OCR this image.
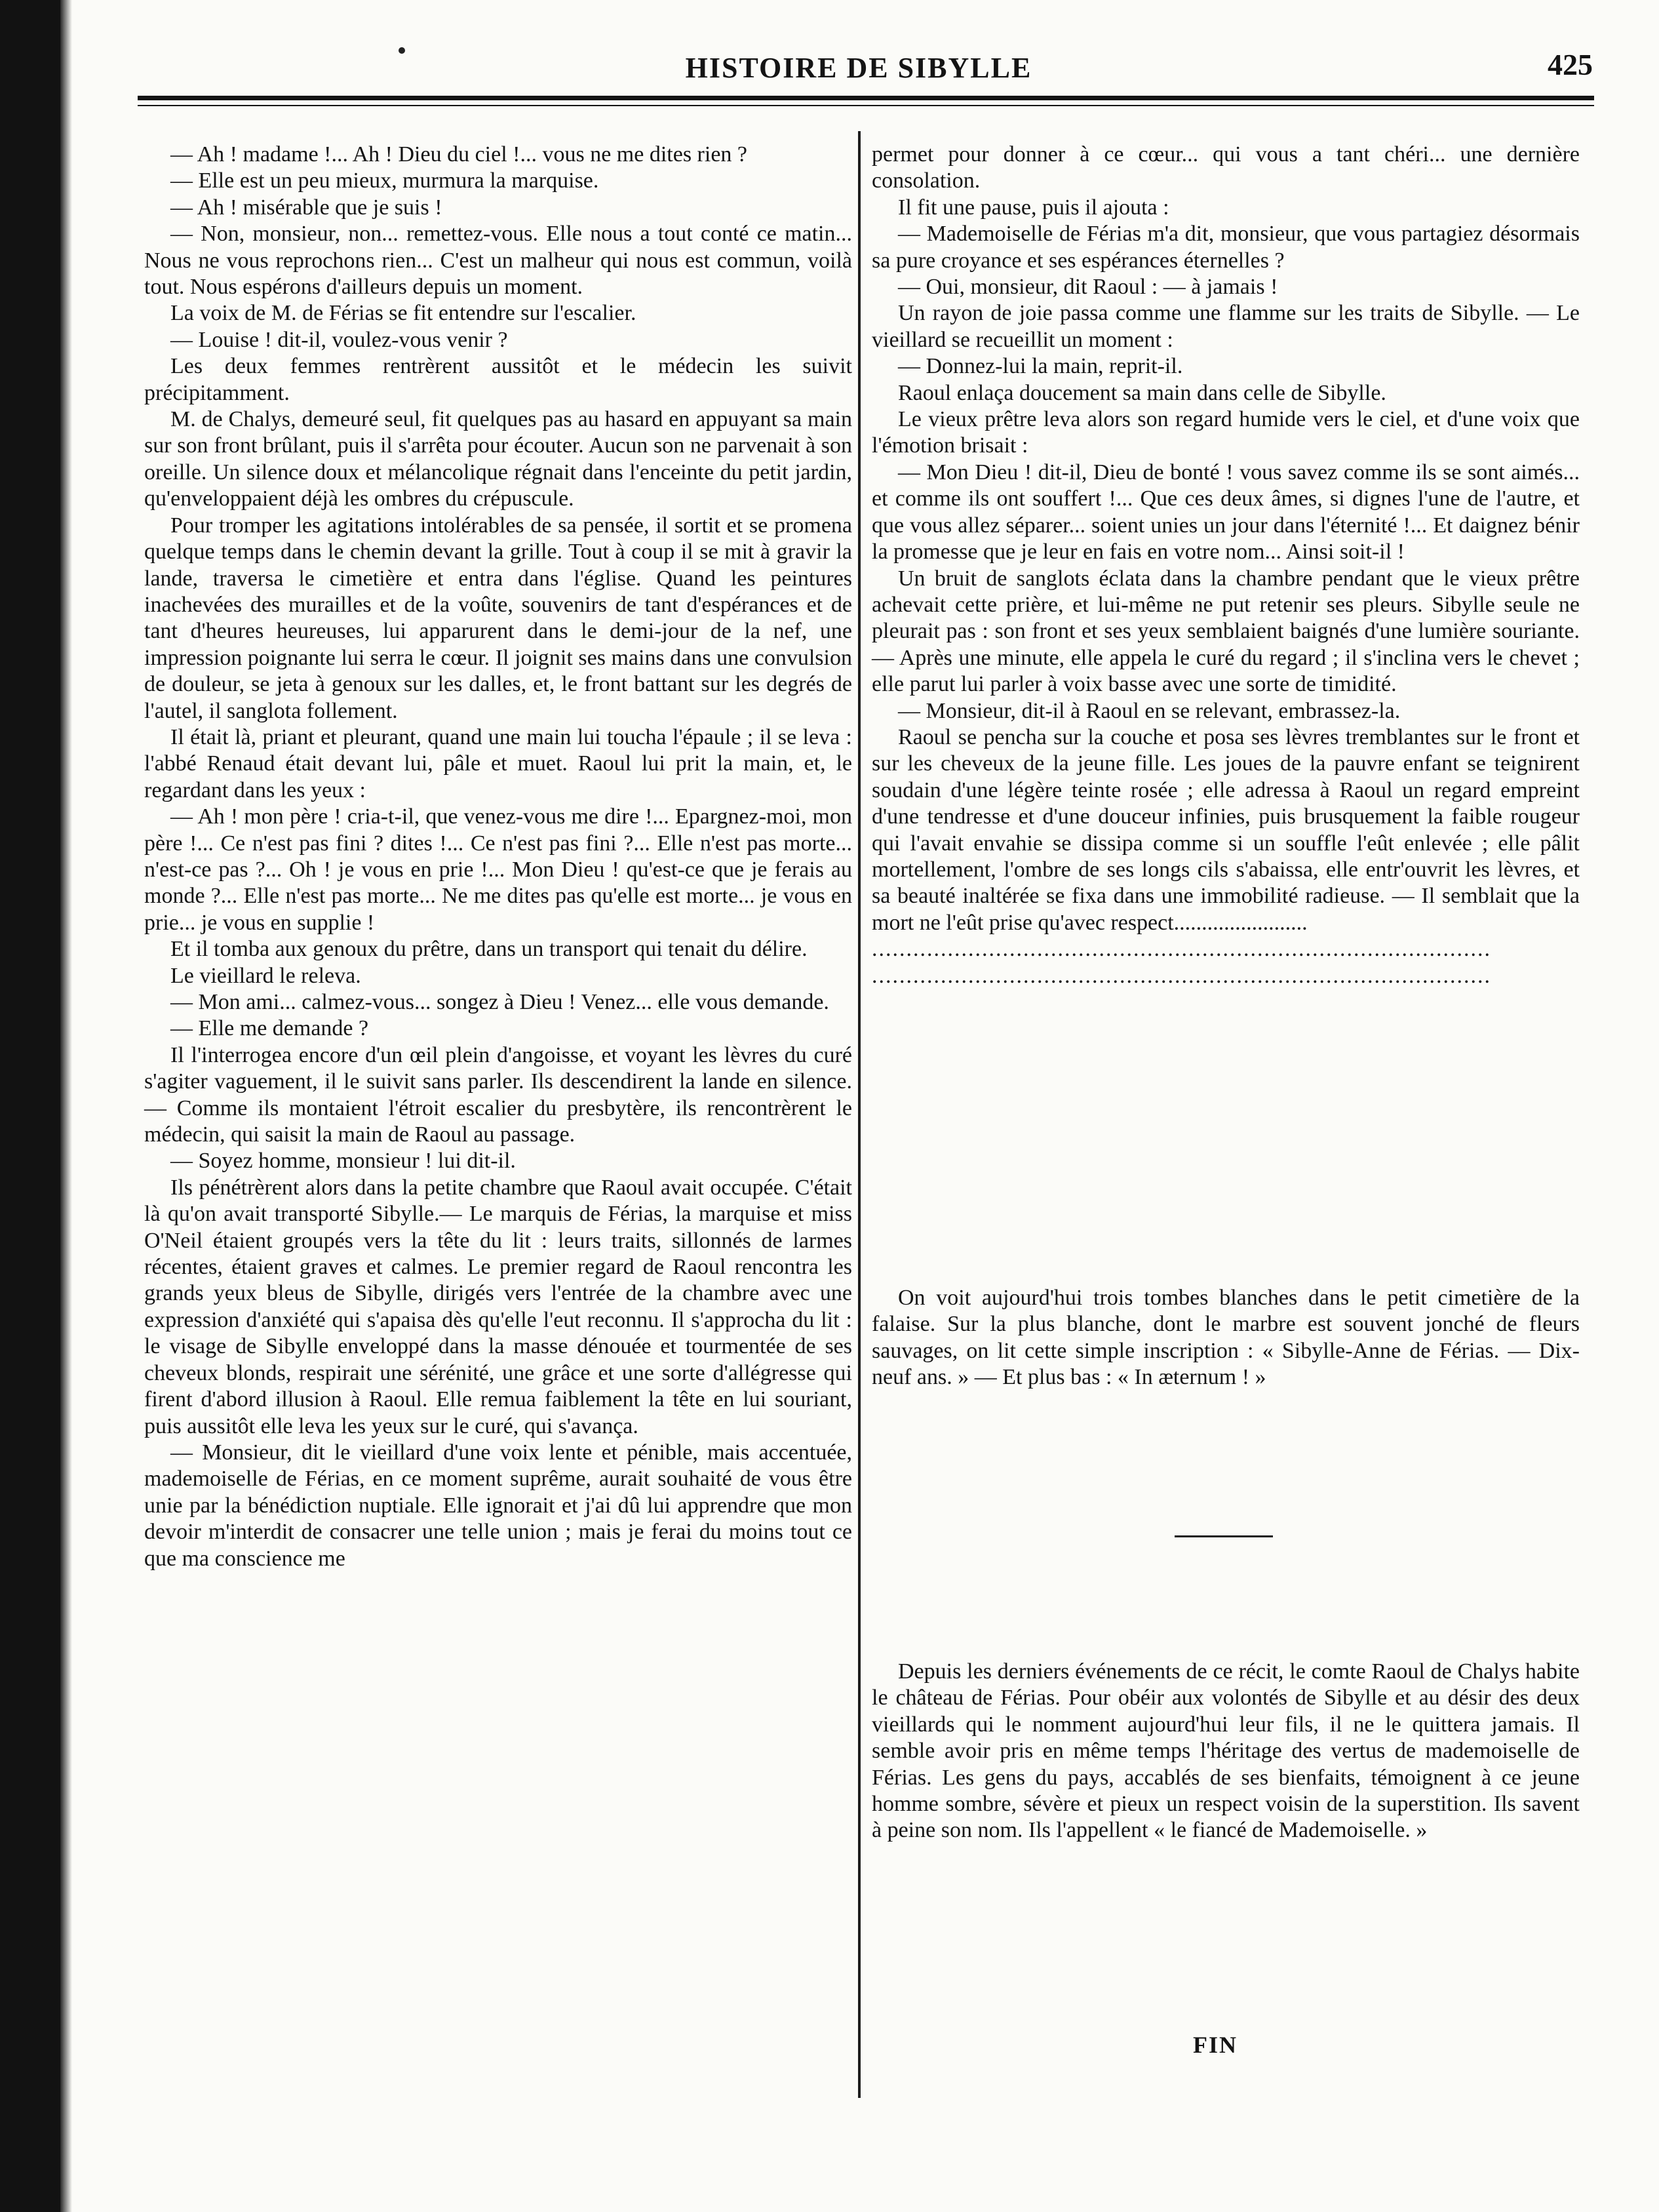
HISTOIRE DE SIBYLLE	425

— Ah ! madame !... Ah ! Dieu du ciel !... vous ne me dites rien ?

— Elle est un peu mieux, murmura la marquise.

— Ah ! misérable que je suis !

— Non, monsieur, non... remettez-vous. Elle nous a tout conté ce matin... Nous ne vous reprochons rien... C'est un malheur qui nous est commun, voilà tout. Nous espérons d'ailleurs depuis un moment.

La voix de M. de Férias se fit entendre sur l'escalier.

— Louise ! dit-il, voulez-vous venir ?

Les deux femmes rentrèrent aussitôt et le médecin les suivit précipitamment.

M. de Chalys, demeuré seul, fit quelques pas au hasard en appuyant sa main sur son front brûlant, puis il s'arrêta pour écouter. Aucun son ne parvenait à son oreille. Un silence doux et mélancolique régnait dans l'enceinte du petit jardin, qu'enveloppaient déjà les ombres du crépuscule.

Pour tromper les agitations intolérables de sa pensée, il sortit et se promena quelque temps dans le chemin devant la grille. Tout à coup il se mit à gravir la lande, traversa le cimetière et entra dans l'église. Quand les peintures inachevées des murailles et de la voûte, souvenirs de tant d'espérances et de tant d'heures heureuses, lui apparurent dans le demi-jour de la nef, une impression poignante lui serra le cœur. Il joignit ses mains dans une convulsion de douleur, se jeta à genoux sur les dalles, et, le front battant sur les degrés de l'autel, il sanglota follement.

Il était là, priant et pleurant, quand une main lui toucha l'épaule ; il se leva : l'abbé Renaud était devant lui, pâle et muet. Raoul lui prit la main, et, le regardant dans les yeux :

— Ah ! mon père ! cria-t-il, que venez-vous me dire !... Epargnez-moi, mon père !... Ce n'est pas fini ? dites !... Ce n'est pas fini ?... Elle n'est pas morte... n'est-ce pas ?... Oh ! je vous en prie !... Mon Dieu ! qu'est-ce que je ferais au monde ?... Elle n'est pas morte... Ne me dites pas qu'elle est morte... je vous en prie... je vous en supplie !

Et il tomba aux genoux du prêtre, dans un transport qui tenait du délire.

Le vieillard le releva.

— Mon ami... calmez-vous... songez à Dieu ! Venez... elle vous demande.

— Elle me demande ?

Il l'interrogea encore d'un œil plein d'angoisse, et voyant les lèvres du curé s'agiter vaguement, il le suivit sans parler. Ils descendirent la lande en silence. — Comme ils montaient l'étroit escalier du presbytère, ils rencontrèrent le médecin, qui saisit la main de Raoul au passage.

— Soyez homme, monsieur ! lui dit-il.

Ils pénétrèrent alors dans la petite chambre que Raoul avait occupée. C'était là qu'on avait transporté Sibylle.— Le marquis de Férias, la marquise et miss O'Neil étaient groupés vers la tête du lit : leurs traits, sillonnés de larmes récentes, étaient graves et calmes. Le premier regard de Raoul rencontra les grands yeux bleus de Sibylle, dirigés vers l'entrée de la chambre avec une expression d'anxiété qui s'apaisa dès qu'elle l'eut reconnu. Il s'approcha du lit : le visage de Sibylle enveloppé dans la masse dénouée et tourmentée de ses cheveux blonds, respirait une sérénité, une grâce et une sorte d'allégresse qui firent d'abord illusion à Raoul. Elle remua faiblement la tête en lui souriant, puis aussitôt elle leva les yeux sur le curé, qui s'avança.

— Monsieur, dit le vieillard d'une voix lente et pénible, mais accentuée, mademoiselle de Férias, en ce moment suprême, aurait souhaité de vous être unie par la bénédiction nuptiale. Elle ignorait et j'ai dû lui apprendre que mon devoir m'interdit de consacrer une telle union ; mais je ferai du moins tout ce que ma conscience me

permet pour donner à ce cœur... qui vous a tant chéri... une dernière consolation.

Il fit une pause, puis il ajouta :

— Mademoiselle de Férias m'a dit, monsieur, que vous partagiez désormais sa pure croyance et ses espérances éternelles ?

— Oui, monsieur, dit Raoul : — à jamais !

Un rayon de joie passa comme une flamme sur les traits de Sibylle. — Le vieillard se recueillit un moment :

— Donnez-lui la main, reprit-il.

Raoul enlaça doucement sa main dans celle de Sibylle.

Le vieux prêtre leva alors son regard humide vers le ciel, et d'une voix que l'émotion brisait :

— Mon Dieu ! dit-il, Dieu de bonté ! vous savez comme ils se sont aimés... et comme ils ont souffert !... Que ces deux âmes, si dignes l'une de l'autre, et que vous allez séparer... soient unies un jour dans l'éternité !... Et daignez bénir la promesse que je leur en fais en votre nom... Ainsi soit-il !

Un bruit de sanglots éclata dans la chambre pendant que le vieux prêtre achevait cette prière, et lui-même ne put retenir ses pleurs. Sibylle seule ne pleurait pas : son front et ses yeux semblaient baignés d'une lumière souriante. — Après une minute, elle appela le curé du regard ; il s'inclina vers le chevet ; elle parut lui parler à voix basse avec une sorte de timidité.

— Monsieur, dit-il à Raoul en se relevant, embrassez-la.

Raoul se pencha sur la couche et posa ses lèvres tremblantes sur le front et sur les cheveux de la jeune fille. Les joues de la pauvre enfant se teignirent soudain d'une légère teinte rosée ; elle adressa à Raoul un regard empreint d'une tendresse et d'une douceur infinies, puis brusquement la faible rougeur qui l'avait envahie se dissipa comme si un souffle l'eût enlevée ; elle pâlit mortellement, l'ombre de ses longs cils s'abaissa, elle entr'ouvrit les lèvres, et sa beauté inaltérée se fixa dans une immobilité radieuse. — Il semblait que la mort ne l'eût prise qu'avec respect........................

..........................................................................................

..........................................................................................

On voit aujourd'hui trois tombes blanches dans le petit cimetière de la falaise. Sur la plus blanche, dont le marbre est souvent jonché de fleurs sauvages, on lit cette simple inscription : « Sibylle-Anne de Férias. — Dix-neuf ans. » — Et plus bas : « In æternum ! »

Depuis les derniers événements de ce récit, le comte Raoul de Chalys habite le château de Férias. Pour obéir aux volontés de Sibylle et au désir des deux vieillards qui le nomment aujourd'hui leur fils, il ne le quittera jamais. Il semble avoir pris en même temps l'héritage des vertus de mademoiselle de Férias. Les gens du pays, accablés de ses bienfaits, témoignent à ce jeune homme sombre, sévère et pieux un respect voisin de la superstition. Ils savent à peine son nom. Ils l'appellent « le fiancé de Mademoiselle. »

FIN
